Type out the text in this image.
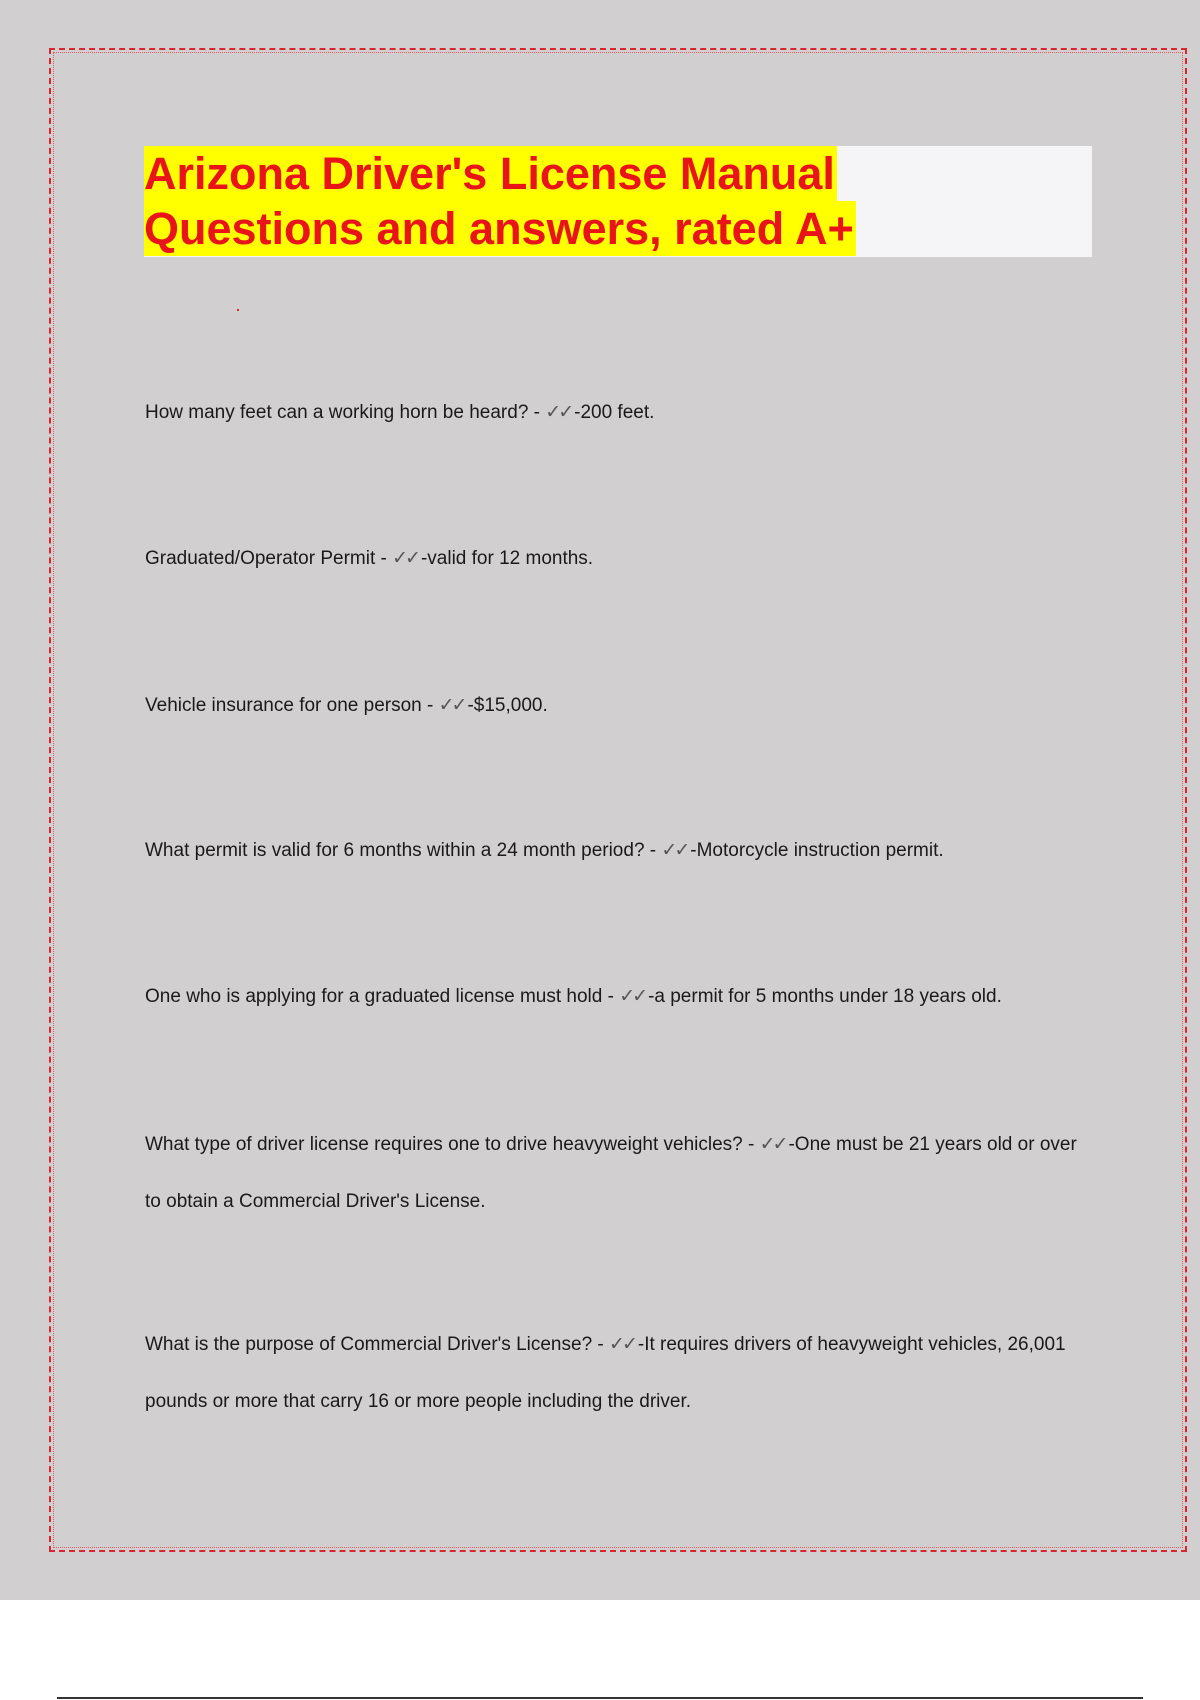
Arizona Driver's License Manual
Questions and answers, rated A+

How many feet can a working horn be heard? - ✓✓ -200 feet.

Graduated/Operator Permit - ✓✓ -valid for 12 months.

Vehicle insurance for one person - ✓✓ -$15,000.

What permit is valid for 6 months within a 24 month period? - ✓✓ -Motorcycle instruction permit.

One who is applying for a graduated license must hold - ✓✓ -a permit for 5 months under 18 years old.

What type of driver license requires one to drive heavyweight vehicles? - ✓✓ -One must be 21 years old or over to obtain a Commercial Driver's License.

What is the purpose of Commercial Driver's License? - ✓✓ -It requires drivers of heavyweight vehicles, 26,001 pounds or more that carry 16 or more people including the driver.
